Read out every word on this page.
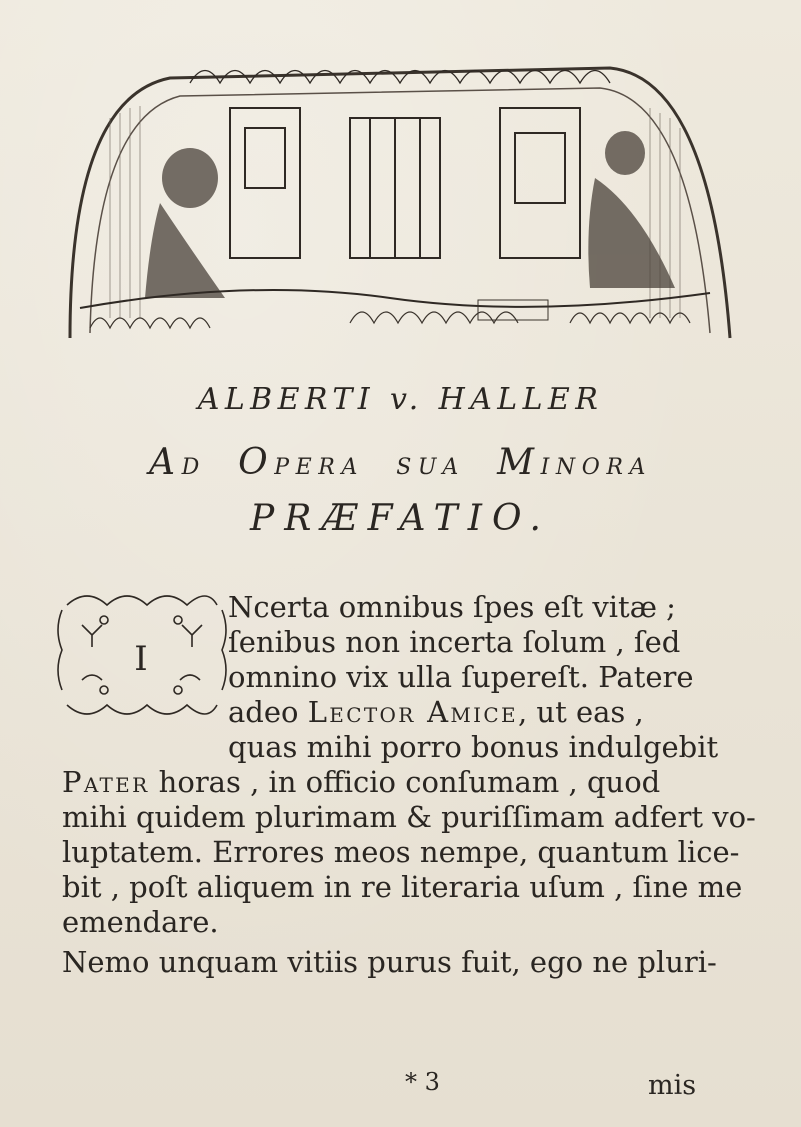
ALBERTI v. HALLER
AD OPERA SUA MINORA
PRÆFATIO.
I
Ncerta omnibus ſpes eſt vitæ ;
ſenibus non incerta ſolum , ſed
omnino vix ulla ſupereſt. Patere
adeo Lector Amice, ut eas ,
quas mihi porro bonus indulgebit
Pater horas , in officio conſumam , quod
mihi quidem plurimam & puriſſimam adfert vo-
luptatem. Errores meos nempe, quantum lice-
bit , poſt aliquem in re literaria uſum , ſine me
emendare.
Nemo unquam vitiis purus fuit, ego ne pluri-
* 3	mis
